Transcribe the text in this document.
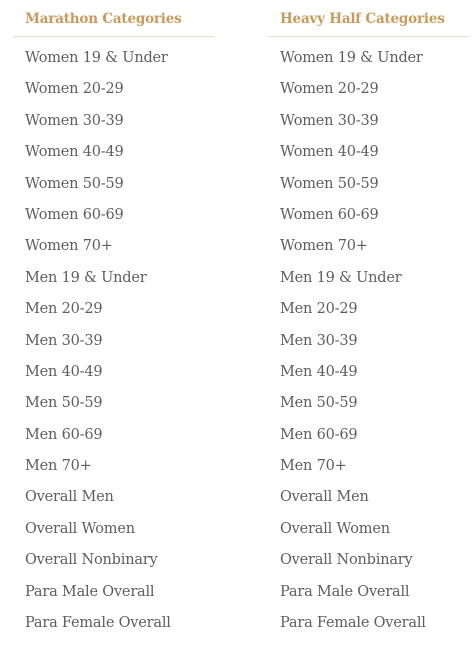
Marathon Categories
Women 19 & Under
Women 20-29
Women 30-39
Women 40-49
Women 50-59
Women 60-69
Women 70+
Men 19 & Under
Men 20-29
Men 30-39
Men 40-49
Men 50-59
Men 60-69
Men 70+
Overall Men
Overall Women
Overall Nonbinary
Para Male Overall
Para Female Overall
Heavy Half Categories
Women 19 & Under
Women 20-29
Women 30-39
Women 40-49
Women 50-59
Women 60-69
Women 70+
Men 19 & Under
Men 20-29
Men 30-39
Men 40-49
Men 50-59
Men 60-69
Men 70+
Overall Men
Overall Women
Overall Nonbinary
Para Male Overall
Para Female Overall
